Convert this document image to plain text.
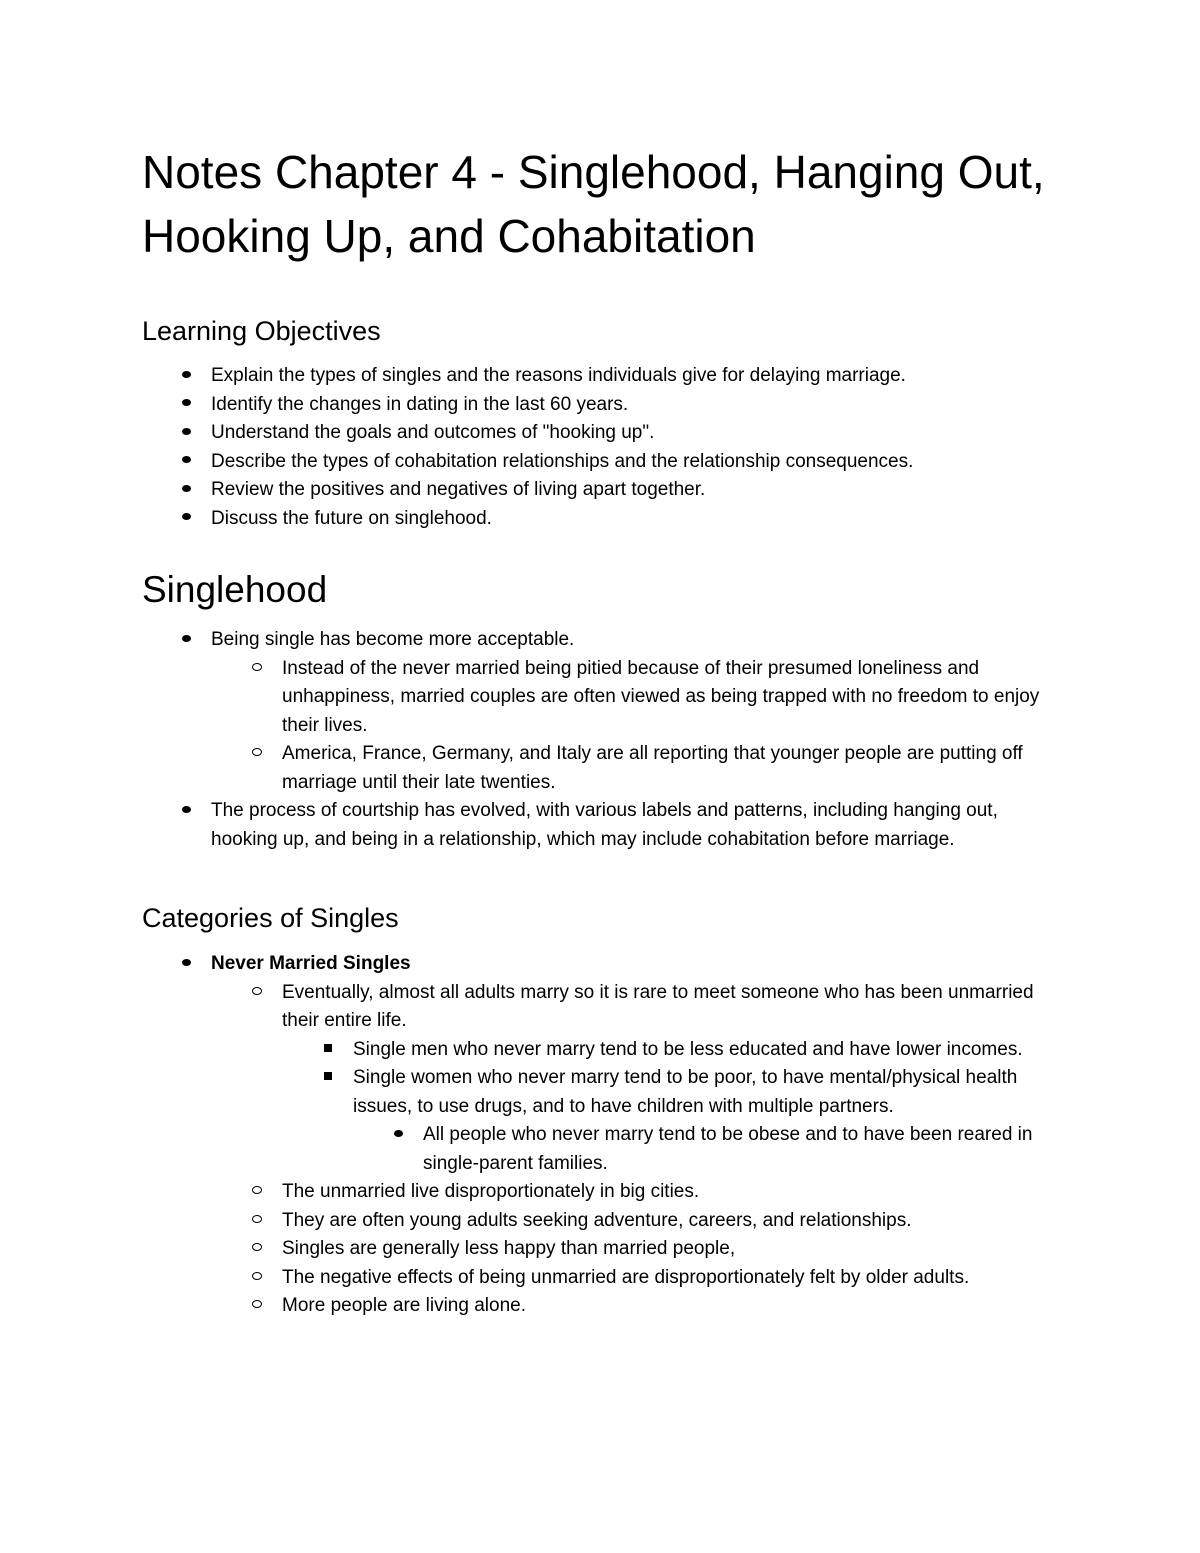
Notes Chapter 4 - Singlehood, Hanging Out, Hooking Up, and Cohabitation
Learning Objectives
Explain the types of singles and the reasons individuals give for delaying marriage.
Identify the changes in dating in the last 60 years.
Understand the goals and outcomes of "hooking up".
Describe the types of cohabitation relationships and the relationship consequences.
Review the positives and negatives of living apart together.
Discuss the future on singlehood.
Singlehood
Being single has become more acceptable.
Instead of the never married being pitied because of their presumed loneliness and unhappiness, married couples are often viewed as being trapped with no freedom to enjoy their lives.
America, France, Germany, and Italy are all reporting that younger people are putting off marriage until their late twenties.
The process of courtship has evolved, with various labels and patterns, including hanging out, hooking up, and being in a relationship, which may include cohabitation before marriage.
Categories of Singles
Never Married Singles
Eventually, almost all adults marry so it is rare to meet someone who has been unmarried their entire life.
Single men who never marry tend to be less educated and have lower incomes.
Single women who never marry tend to be poor, to have mental/physical health issues, to use drugs, and to have children with multiple partners.
All people who never marry tend to be obese and to have been reared in single-parent families.
The unmarried live disproportionately in big cities.
They are often young adults seeking adventure, careers, and relationships.
Singles are generally less happy than married people,
The negative effects of being unmarried are disproportionately felt by older adults.
More people are living alone.
